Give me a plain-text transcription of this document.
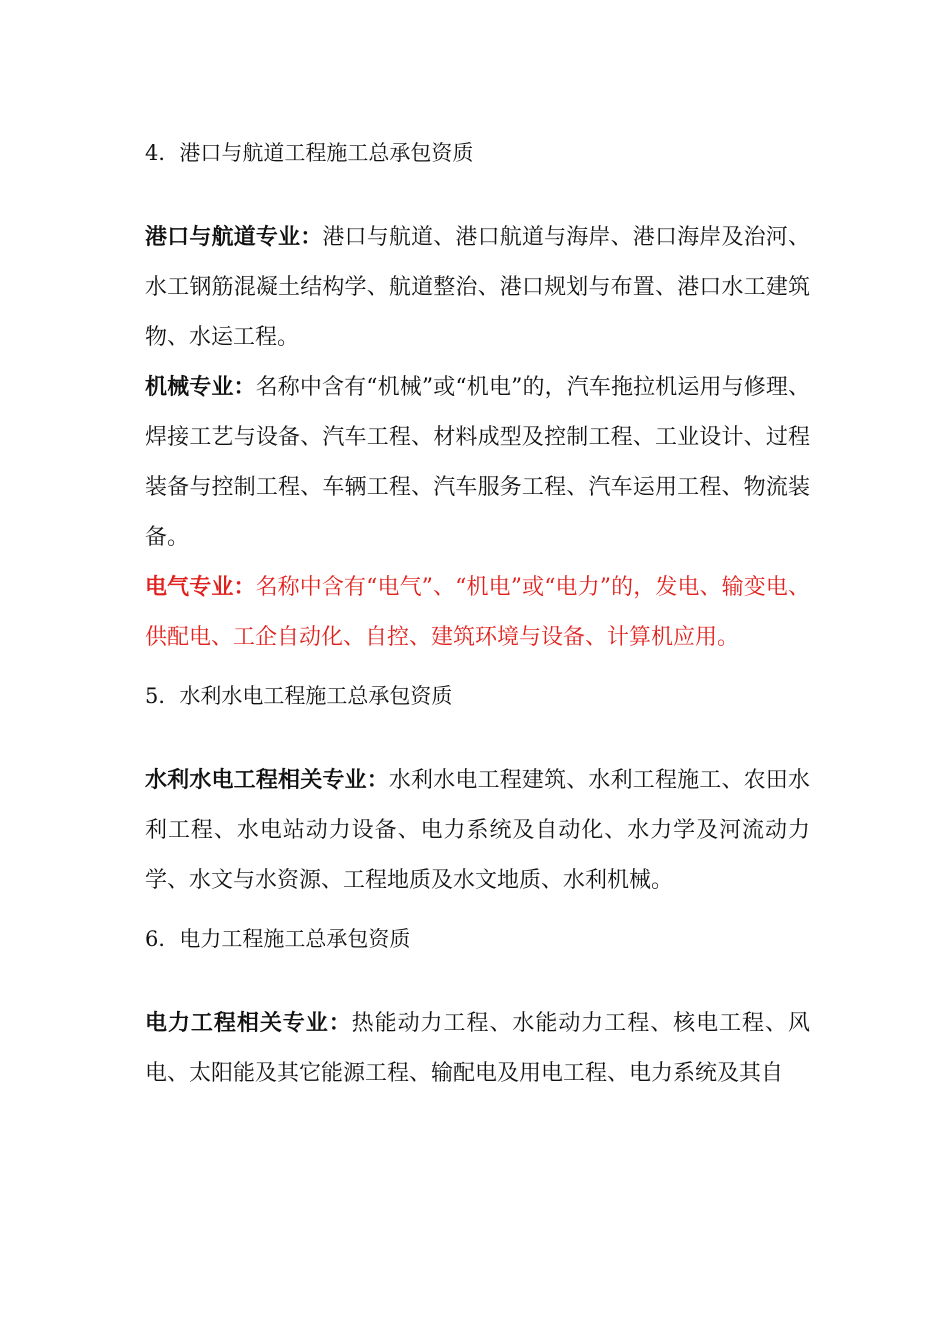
4．港口与航道工程施工总承包资质

港口与航道专业：港口与航道、港口航道与海岸、港口海岸及治河、水工钢筋混凝土结构学、航道整治、港口规划与布置、港口水工建筑物、水运工程。

机械专业：名称中含有“机械”或“机电”的，汽车拖拉机运用与修理、焊接工艺与设备、汽车工程、材料成型及控制工程、工业设计、过程装备与控制工程、车辆工程、汽车服务工程、汽车运用工程、物流装备。

电气专业：名称中含有“电气”、“机电”或“电力”的，发电、输变电、供配电、工企自动化、自控、建筑环境与设备、计算机应用。

5．水利水电工程施工总承包资质

水利水电工程相关专业：水利水电工程建筑、水利工程施工、农田水利工程、水电站动力设备、电力系统及自动化、水力学及河流动力学、水文与水资源、工程地质及水文地质、水利机械。

6．电力工程施工总承包资质

电力工程相关专业：热能动力工程、水能动力工程、核电工程、风电、太阳能及其它能源工程、输配电及用电工程、电力系统及其自
